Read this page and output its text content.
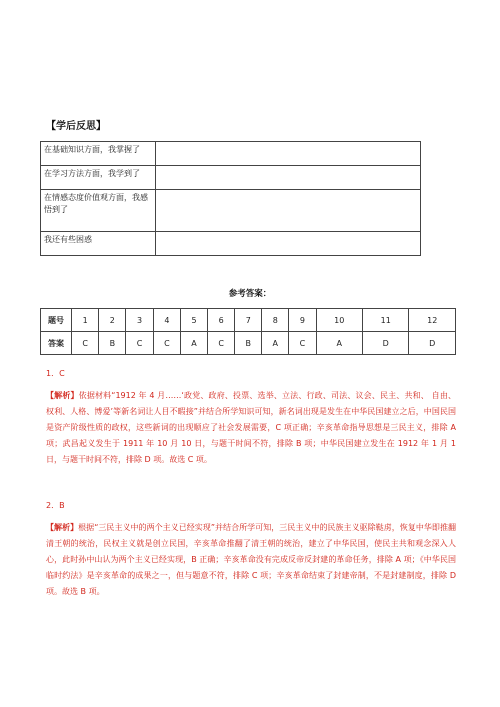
【学后反思】
在基础知识方面，我掌握了	
在学习方法方面，我学到了	
在情感态度价值观方面，我感悟到了	
我还有些困惑	
参考答案：
题号	1	2	3	4	5	6	7	8	9	10	11	12
答案	C	B	C	C	A	C	B	A	C	A	D	D
1．C
【解析】依据材料“1912 年 4 月……‘政党、政府、投票、选举、立法、行政、司法、议会、民主、共和、 自由、权利、人格、博爱’等新名词让人目不暇接”并结合所学知识可知，新名词出现是发生在中华民国建立之后，中国民国是资产阶级性质的政权，这些新词的出现顺应了社会发展需要，C 项正确；辛亥革命指导思想是三民主义，排除 A 项；武昌起义发生于 1911 年 10 月 10 日，与题干时间不符，排除 B 项；中华民国建立发生在 1912 年 1 月 1 日，与题干时间不符，排除 D 项。故选 C 项。
2．B
【解析】根据“三民主义中的两个主义已经实现”并结合所学可知，三民主义中的民族主义驱除鞑虏，恢复中华即推翻清王朝的统治，民权主义就是创立民国，辛亥革命推翻了清王朝的统治，建立了中华民国，使民主共和观念深入人心，此时孙中山认为两个主义已经实现，B 正确；辛亥革命没有完成反帝反封建的革命任务，排除 A 项；《中华民国临时约法》是辛亥革命的成果之一，但与题意不符，排除 C 项；辛亥革命结束了封建帝制，不是封建制度，排除 D 项。故选 B 项。
